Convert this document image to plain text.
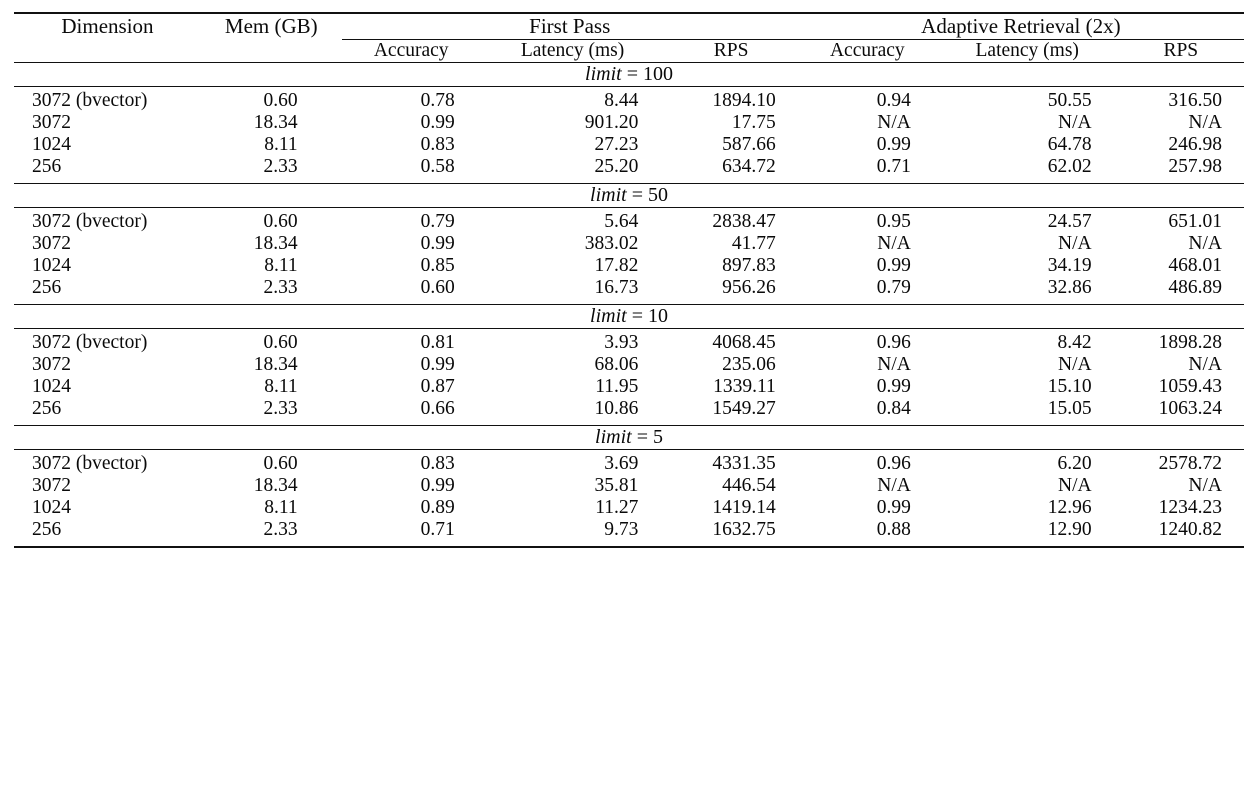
Dimension	Mem (GB)	First Pass			Adaptive Retrieval (2x)		

		Accuracy	Latency (ms)	RPS	Accuracy	Latency (ms)	RPS

limit = 100							

3072 (bvector)	0.60	0.78	8.44	1894.10	0.94	50.55	316.50
3072	18.34	0.99	901.20	17.75	N/A	N/A	N/A
1024	8.11	0.83	27.23	587.66	0.99	64.78	246.98
256	2.33	0.58	25.20	634.72	0.71	62.02	257.98

limit = 50							

3072 (bvector)	0.60	0.79	5.64	2838.47	0.95	24.57	651.01
3072	18.34	0.99	383.02	41.77	N/A	N/A	N/A
1024	8.11	0.85	17.82	897.83	0.99	34.19	468.01
256	2.33	0.60	16.73	956.26	0.79	32.86	486.89

limit = 10							

3072 (bvector)	0.60	0.81	3.93	4068.45	0.96	8.42	1898.28
3072	18.34	0.99	68.06	235.06	N/A	N/A	N/A
1024	8.11	0.87	11.95	1339.11	0.99	15.10	1059.43
256	2.33	0.66	10.86	1549.27	0.84	15.05	1063.24

limit = 5							

3072 (bvector)	0.60	0.83	3.69	4331.35	0.96	6.20	2578.72
3072	18.34	0.99	35.81	446.54	N/A	N/A	N/A
1024	8.11	0.89	11.27	1419.14	0.99	12.96	1234.23
256	2.33	0.71	9.73	1632.75	0.88	12.90	1240.82
